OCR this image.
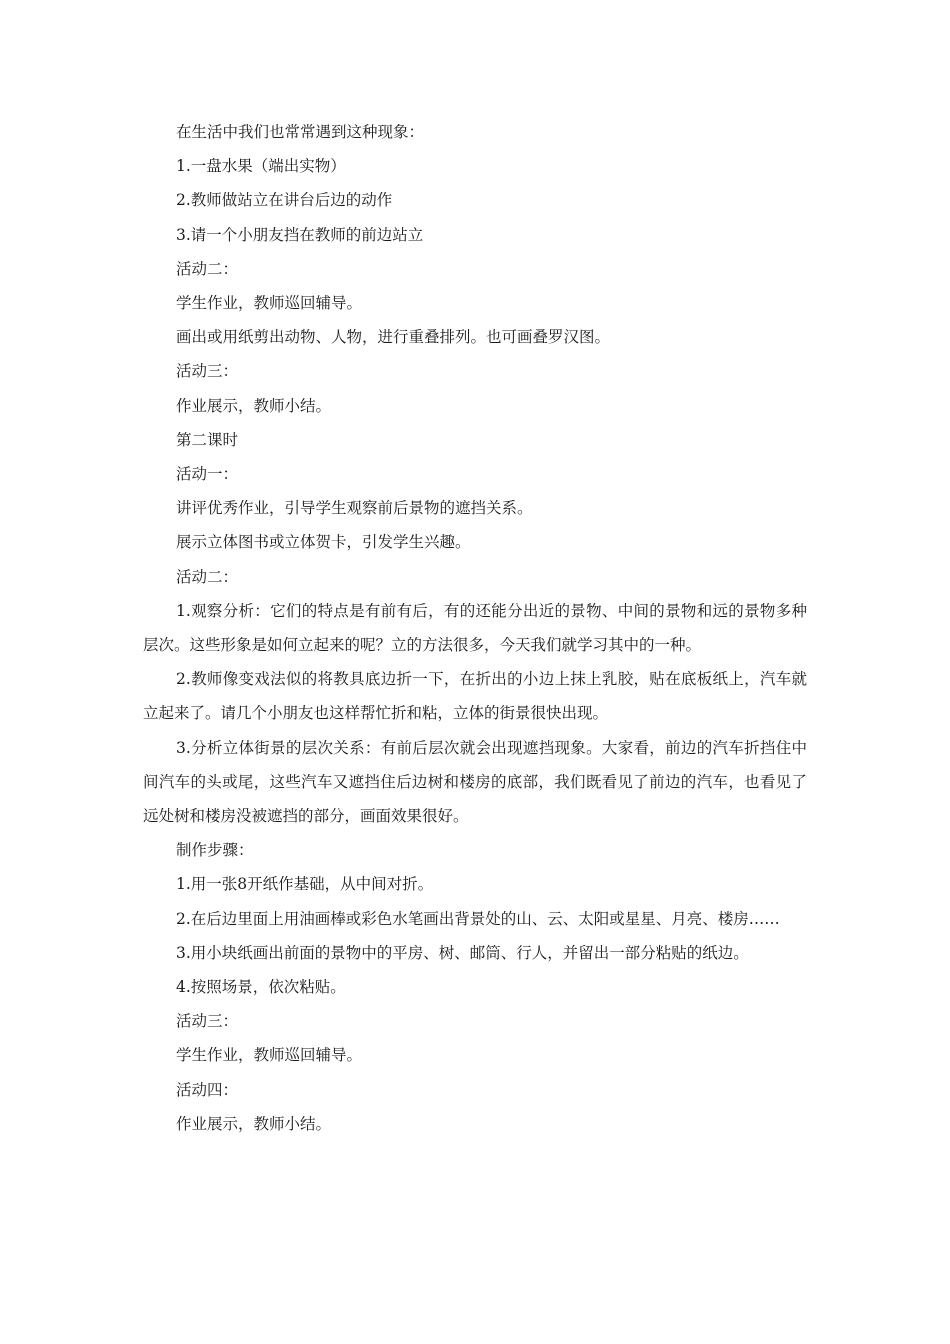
在生活中我们也常常遇到这种现象：

1.一盘水果（端出实物）

2.教师做站立在讲台后边的动作

3.请一个小朋友挡在教师的前边站立

活动二：

学生作业，教师巡回辅导。

画出或用纸剪出动物、人物，进行重叠排列。也可画叠罗汉图。

活动三：

作业展示，教师小结。

第二课时

活动一：

讲评优秀作业，引导学生观察前后景物的遮挡关系。

展示立体图书或立体贺卡，引发学生兴趣。

活动二：

1.观察分析：它们的特点是有前有后，有的还能分出近的景物、中间的景物和远的景物多种层次。这些形象是如何立起来的呢？立的方法很多，今天我们就学习其中的一种。

2.教师像变戏法似的将教具底边折一下，在折出的小边上抹上乳胶，贴在底板纸上，汽车就立起来了。请几个小朋友也这样帮忙折和粘，立体的街景很快出现。

3.分析立体街景的层次关系：有前后层次就会出现遮挡现象。大家看，前边的汽车折挡住中间汽车的头或尾，这些汽车又遮挡住后边树和楼房的底部，我们既看见了前边的汽车，也看见了远处树和楼房没被遮挡的部分，画面效果很好。

制作步骤：

1.用一张8开纸作基础，从中间对折。

2.在后边里面上用油画棒或彩色水笔画出背景处的山、云、太阳或星星、月亮、楼房……

3.用小块纸画出前面的景物中的平房、树、邮筒、行人，并留出一部分粘贴的纸边。

4.按照场景，依次粘贴。

活动三：

学生作业，教师巡回辅导。

活动四：

作业展示，教师小结。
